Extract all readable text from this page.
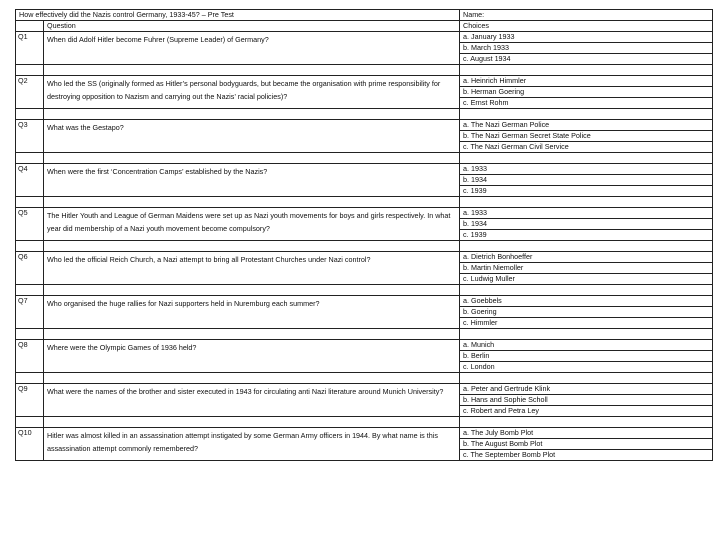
How effectively did the Nazis control Germany, 1933-45? – Pre Test		Name:
	Question	Choices
Q1	When did Adolf Hitler become Fuhrer (Supreme Leader) of Germany?	a. January 1933
		b. March 1933
		c. August 1934

Q2	Who led the SS (originally formed as Hitler’s personal bodyguards, but became the organisation with prime responsibility for destroying opposition to Nazism and carrying out the Nazis’ racial policies)?	a. Heinrich Himmler
		b. Herman Goering
		c. Ernst Rohm

Q3	What was the Gestapo?	a. The Nazi German Police
		b. The Nazi German Secret State Police
		c. The Nazi German Civil Service

Q4	When were the first ‘Concentration Camps’ established by the Nazis?	a. 1933
		b. 1934
		c. 1939

Q5	The Hitler Youth and League of German Maidens were set up as Nazi youth movements for boys and girls respectively. In what year did membership of a Nazi youth movement become compulsory?	a. 1933
		b. 1934
		c. 1939

Q6	Who led the official Reich Church, a Nazi attempt to bring all Protestant Churches under Nazi control?	a. Dietrich Bonhoeffer
		b. Martin Niemoller
		c. Ludwig Muller

Q7	Who organised the huge rallies for Nazi supporters held in Nuremburg each summer?	a. Goebbels
		b. Goering
		c. Himmler

Q8	Where were the Olympic Games of 1936 held?	a. Munich
		b. Berlin
		c. London

Q9	What were the names of the brother and sister executed in 1943 for circulating anti Nazi literature around Munich University?	a. Peter and Gertrude Klink
		b. Hans and Sophie Scholl
		c. Robert and Petra Ley

Q10	Hitler was almost killed in an assassination attempt instigated by some German Army officers in 1944. By what name is this assassination attempt commonly remembered?	a. The July Bomb Plot
		b. The August Bomb Plot
		c. The September Bomb Plot
